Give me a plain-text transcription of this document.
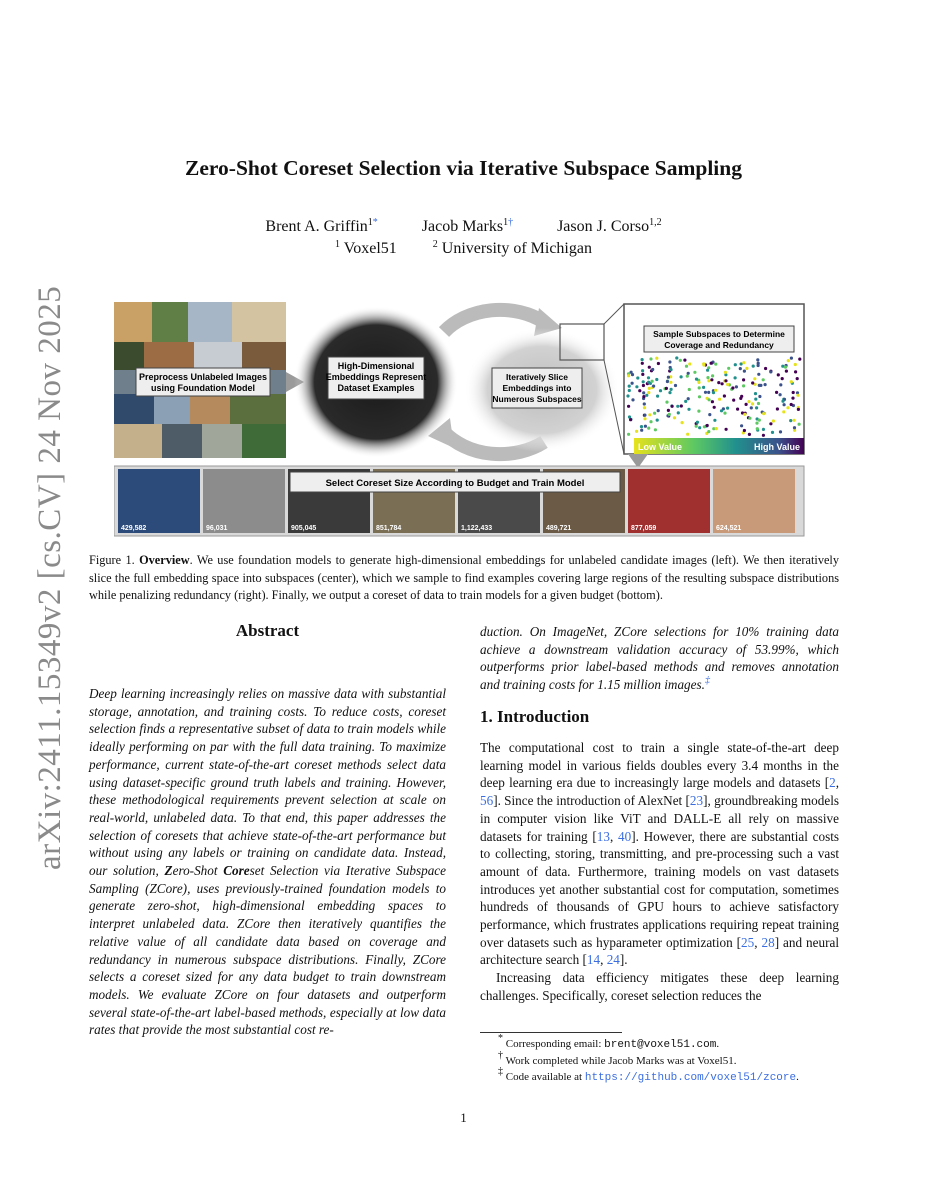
arXiv:2411.15349v2 [cs.CV] 24 Nov 2025
Zero-Shot Coreset Selection via Iterative Subspace Sampling
Brent A. Griffin$^{1*}$	Jacob Marks$^{1\dagger}$	Jason J. Corso$^{1,2}$
$^1$ Voxel51	$^2$ University of Michigan
Preprocess Unlabeled Images
using Foundation Model
High-Dimensional
Embeddings Represent
Dataset Examples
Iteratively Slice
Embeddings into
Numerous Subspaces
Sample Subspaces to Determine
Coverage and Redundancy
Low Value	High Value
429,582	96,031	905,045	851,784	1,122,433	489,721	877,059	624,521
Select Coreset Size According to Budget and Train Model
Figure 1. Overview. We use foundation models to generate high-dimensional embeddings for unlabeled candidate images (left). We then iteratively slice the full embedding space into subspaces (center), which we sample to find examples covering large regions of the resulting subspace distributions while penalizing redundancy (right). Finally, we output a coreset of data to train models for a given budget (bottom).
Abstract
Deep learning increasingly relies on massive data with substantial storage, annotation, and training costs. To reduce costs, coreset selection finds a representative subset of data to train models while ideally performing on par with the full data training. To maximize performance, current state-of-the-art coreset methods select data using dataset-specific ground truth labels and training. However, these methodological requirements prevent selection at scale on real-world, unlabeled data. To that end, this paper addresses the selection of coresets that achieve state-of-the-art performance but without using any labels or training on candidate data. Instead, our solution, Zero-Shot Coreset Selection via Iterative Subspace Sampling (ZCore), uses previously-trained foundation models to generate zero-shot, high-dimensional embedding spaces to interpret unlabeled data. ZCore then iteratively quantifies the relative value of all candidate data based on coverage and redundancy in numerous subspace distributions. Finally, ZCore selects a coreset sized for any data budget to train downstream models. We evaluate ZCore on four datasets and outperform several state-of-the-art label-based methods, especially at low data rates that provide the most substantial cost re-
duction. On ImageNet, ZCore selections for 10% training data achieve a downstream validation accuracy of 53.99%, which outperforms prior label-based methods and removes annotation and training costs for 1.15 million images.‡
1. Introduction

The computational cost to train a single state-of-the-art deep learning model in various fields doubles every 3.4 months in the deep learning era due to increasingly large models and datasets [2, 56]. Since the introduction of AlexNet [23], groundbreaking models in computer vision like ViT and DALL-E all rely on massive datasets for training [13, 40]. However, there are substantial costs to collecting, storing, transmitting, and pre-processing such a vast amount of data. Furthermore, training models on vast datasets introduces yet another substantial cost for computation, sometimes hundreds of thousands of GPU hours to achieve satisfactory performance, which frustrates applications requiring repeat training over datasets such as hyparameter optimization [25, 28] and neural architecture search [14, 24].

Increasing data efficiency mitigates these deep learning challenges. Specifically, coreset selection reduces the

* Corresponding email: brent@voxel51.com.
† Work completed while Jacob Marks was at Voxel51.
‡ Code available at https://github.com/voxel51/zcore.
1
